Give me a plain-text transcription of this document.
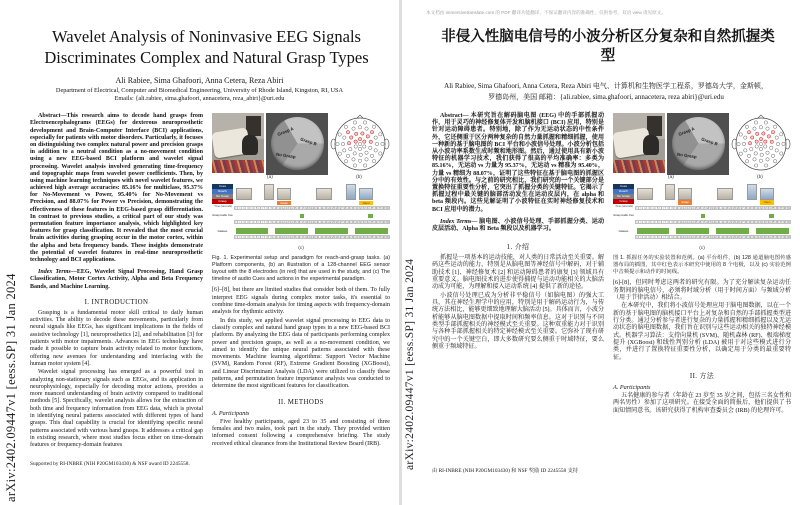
arXiv:2402.09447v1 [eess.SP] 31 Jan 2024
Wavelet Analysis of Noninvasive EEG Signals Discriminates Complex and Natural Grasp Types
Ali Rabiee, Sima Ghafoori, Anna Cetera, Reza Abiri
Department of Electrical, Computer and Biomedical Engineering, University of Rhode Island, Kingston, RI, USA
Emails: {ali.rabiee, sima.ghafoori, annacetera, reza_abiri}@uri.edu

Abstract—This research aims to decode hand grasps from Electroencephalograms (EEGs) for dexterous neuroprosthetic development and Brain-Computer Interface (BCI) applications, especially for patients with motor disorders. Particularly, it focuses on distinguishing two complex natural power and precision grasps in addition to a neutral condition as a no-movement condition using a new EEG-based BCI platform and wavelet signal processing. Wavelet analysis involved generating time-frequency and topographic maps from wavelet power coefficients. Then, by using machine learning techniques with novel wavelet features, we achieved high average accuracies: 85.16% for multiclass, 95.37% for No-Movement vs Power, 95.40% for No-Movement vs Precision, and 88.07% for Power vs Precision, demonstrating the effectiveness of these features in EEG-based grasp differentiation. In contrast to previous studies, a critical part of our study was permutation feature importance analysis, which highlighted key features for grasp classification. It revealed that the most crucial brain activities during grasping occur in the motor cortex, within the alpha and beta frequency bands. These insights demonstrate the potential of wavelet features in real-time neuroprosthetic technology and BCI applications.

Index Terms—EEG, Wavelet Signal Processing, Hand Grasp Classification, Motor Cortex Activity, Alpha and Beta Frequency Bands, and Machine Learning.

I. INTRODUCTION

Grasping is a fundamental motor skill critical to daily human activities. The ability to decode these movements, particularly from neural signals like EEGs, has significant implications in the fields of assistive technology [1], neuroprosthetics [2], and rehabilitation [3] for patients with motor impairments. Advances in EEG technology have made it possible to capture brain activity related to motor functions, offering new avenues for understanding and interfacing with the human motor system [4].

Wavelet signal processing has emerged as a powerful tool in analyzing non-stationary signals such as EEGs, and its application in neurophysiology, especially for decoding motor actions, provides a more nuanced understanding of brain activity compared to traditional methods [5]. Specifically, wavelet analysis allows for the extraction of both time and frequency information from EEG data, which is pivotal in identifying neural patterns associated with different types of hand grasps. This dual capability is crucial for identifying specific neural patterns associated with various hand grasps. It addresses a critical gap in existing research, where most studies focus either on time-domain features or frequency-domain features

Grasp A
Grasp B
No Grasp
(a)	(b)
Cues
Reach
No Grasp
Grasp
Time (seconds)
Grasp	Open
0 1 2 3 4 5 6 7 8 9 10 11 12 13 14 15 16 17 18 19 20 21 22 23 24 25 26 27 28 29 30 31 32 33 34 35 36 37 38 39
Grasp Audio Cue
0 1 2 3 4 5 6 7 8 9 10 11 12 13 14 15 16 17 18 19 20 21 22 23 24 25 26 27 28 29 30 31 32 33 34 35 36 37 38 39
Glasses
0 1 2 3 4 5 6 7 8 9 10 11 12 13 14 15 16 17 18 19 20 21 22 23 24 25 26 27 28 29 30 31 32 33 34 35 36 37 38 39
(c)

Fig. 1. Experimental setup and paradigm for reach-and-grasp tasks. (a) Platform components, (b) an illustration of a 128-channel EEG sensor layout with the 8 electrodes (in red) that are used in the study, and (c) The timeline of audio Cues and actions in the experimental paradigm.

[6]–[8], but there are limited studies that consider both of them. To fully interpret EEG signals during complex motor tasks, it's essential to combine time-domain analysis for timing aspects with frequency-domain analysis for rhythmic activity.

In this study, we applied wavelet signal processing to EEG data to classify complex and natural hand grasp types in a new EEG-based BCI platform. By analyzing the EEG data of participants performing complex power and precision grasps, as well as a no-movement condition, we aimed to identify the unique neural patterns associated with these movements. Machine learning algorithms: Support Vector Machine (SVM), Random Forest (RF), Extreme Gradient Boosting (XGBoost), and Linear Discriminant Analysis (LDA) were utilized to classify these patterns, and permutation feature importance analysis was conducted to determine the most significant features for classification.

II. METHODS
A. Participants

Five healthy participants, aged 23 to 35 and consisting of three females and two males, took part in the study. They provided written informed consent following a comprehensive briefing. The study received ethical clearance from the Institutional Review Board (IRB).

Supported by RI-INBRE (NIH P20GM103430) & NSF award ID 2245558.	arXiv:2402.09447v1 [eess.SP] 31 Jan 2024
本文档由 immersivetranslate.com 的 PDF 翻译功能翻译，不保证翻译内容的准确性，仅供参考，双语 view 请见原文。
非侵入性脑电信号的小波分析区分复杂和自然抓握类型
Ali Rabiee, Sima Ghafoori, Anna Cetera, Reza Abiri 电气、计算机和生物医学工程系，罗德岛大学，金斯顿，罗德岛州，美国 邮箱：{ali.rabiee, sima.ghafoori, annacetera, reza abiri}@uri.edu

Abstract— 本研究旨在解码脑电图 (EEG) 中的手部抓握动作，用于灵巧的神经修复体开发和脑机接口 (BCI) 应用，特别是针对运动障碍患者。特别地，除了作为无运动状态的中性条件外，它还侧重于区分两种复杂的自然力量抓握和精细抓握，使用一种新的基于脑电图的 BCI 平台和小波信号处理。小波分析包括从小波功率系数生成时频和地形图。然后，通过使用具有新小波特征的机器学习技术，我们获得了很高的平均准确率：多类为 85.16%，无运动 vs 力量为 95.37%，无运动 vs 精准为 95.40%，力量 vs 精细为 88.07%，证明了这些特征在基于脑电图的抓握区分中的有效性。与之前的研究相比，我们研究的一个关键部分是置换特征重要性分析，它突出了抓握分类的关键特征。它揭示了抓握过程中最关键的脑部活动发生在运动皮层内，在 alpha 和 beta 频段内。这些见解证明了小波特征在实时神经修复技术和 BCI 应用中的潜力。

Index Terms— 脑电图、小波信号处理、手部抓握分类、运动皮层活动、Alpha 和 Beta 频段以及机器学习。

1. 介绍

抓握是一项基本的运动技能，对人类的日常活动至关重要。解码这些运动的能力，特别是从脑电图等神经信号中解码，对于辅助技术 [1]、神经修复术 [2] 和运动障碍患者的康复 [3] 领域具有重要意义。脑电图技术的进步使得捕捉与运动功能相关的大脑活动成为可能，为理解和接入运动系统 [4] 提供了新的途径。

小波信号处理已成为分析非平稳信号（如脑电图）的强大工具，其在神经生理学中的应用，特别是用于解码运动行为，与传统方法相比，能够更细致地理解大脑活动 [5]。具体而言，小波分析能够从脑电图数据中提取时间和频率信息。这对于识别与不同类型手部抓握相关的神经模式至关重要。这种双重能力对于识别与各种手部抓握相关的特定神经模式至关重要。它弥补了现有研究中的一个关键空白，即大多数研究要么侧重于时域特征，要么侧重于频域特征。

Grasp A
Grasp B
No Grasp
(a)	(b)
Cues
Reach
No Grasp
Grasp
Time (seconds)
Grasp	Open
0 1 2 3 4 5 6 7 8 9 10 11 12 13 14 15 16 17 18 19 20 21 22 23 24 25 26 27 28 29 30 31 32 33 34 35 36 37 38 39
Grasp Audio Cue
0 1 2 3 4 5 6 7 8 9 10 11 12 13 14 15 16 17 18 19 20 21 22 23 24 25 26 27 28 29 30 31 32 33 34 35 36 37 38 39
Glasses
0 1 2 3 4 5 6 7 8 9 10 11 12 13 14 15 16 17 18 19 20 21 22 23 24 25 26 27 28 29 30 31 32 33 34 35 36 37 38 39
(c)

图 1. 抓握任务的实验装置和范例。(a) 平台组件，(b) 128 通道脑电图传感器布局的插图，其中红色表示本研究中使用的 8 个电极，以及 (c) 实验范例中音频提示和动作的时间线。

[6]-[8]，但同时考虑这两者的研究有限。为了充分解读复杂运动任务期间的脑电信号，必须将时域分析（用于时间方面）与频域分析（用于节律活动）相结合。

在本研究中，我们将小波信号处理应用于脑电图数据，以在一个新的基于脑电图的脑机接口平台上对复杂和自然的手部抓握类型进行分类。通过分析参与者进行复杂的力量抓握和精细抓握以及无运动状态的脑电图数据，我们旨在识别与这些运动相关的独特神经模式。机器学习算法：支持向量机 (SVM)、随机森林 (RF)、极端梯度提升 (XGBoost) 和线性判别分析 (LDA) 被用于对这些模式进行分类，并进行了置换特征重要性分析，以确定用于分类的最重要特征。

II. 方法
A. Participants

五名健康的参与者（年龄在 23 岁至 35 岁之间，包括三名女性和两名男性）参加了这项研究。在接受全面的简报后，他们提供了书面知情同意书。该研究获得了机构审查委员会 (IRB) 的伦理许可。

由 RI-INBRE (NIH P20GM103430) 和 NSF 奖励 ID 2245558 支持
